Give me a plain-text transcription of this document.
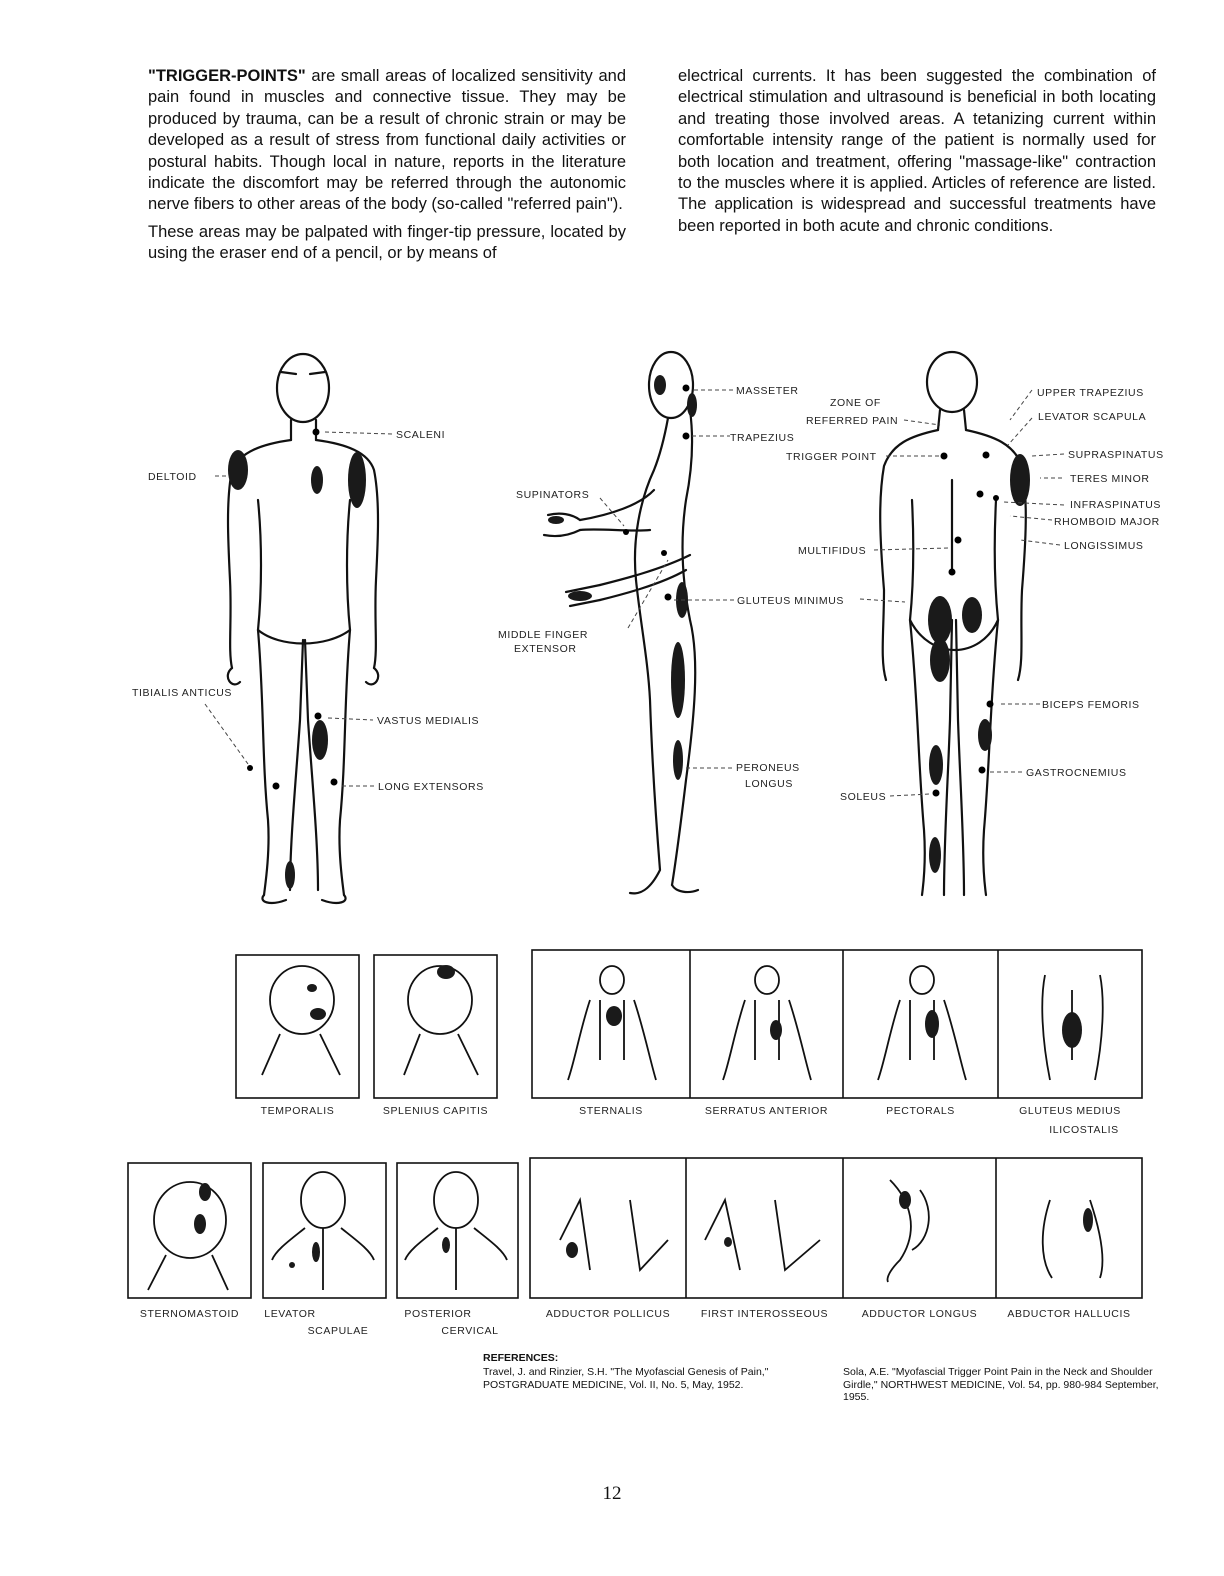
"TRIGGER-POINTS" are small areas of localized sensitivity and pain found in muscles and connective tissue. They may be produced by trauma, can be a result of chronic strain or may be developed as a result of stress from functional daily activities or postural habits. Though local in nature, reports in the literature indicate the discomfort may be referred through the autonomic nerve fibers to other areas of the body (so-called "referred pain").

These areas may be palpated with finger-tip pressure, located by using the eraser end of a pencil, or by means of

electrical currents. It has been suggested the combination of electrical stimulation and ultrasound is beneficial in both locating and treating those involved areas. A tetanizing current within comfortable intensity range of the patient is normally used for both location and treatment, offering "massage-like" contraction to the muscles where it is applied. Articles of reference are listed. The application is widespread and successful treatments have been reported in both acute and chronic conditions.

SCALENI
DELTOID
TIBIALIS ANTICUS
VASTUS MEDIALIS
LONG EXTENSORS
MASSETER
TRAPEZIUS
SUPINATORS
MIDDLE FINGER
EXTENSOR
PERONEUS
LONGUS
ZONE OF
REFERRED PAIN
TRIGGER POINT
MULTIFIDUS
GLUTEUS MINIMUS
SOLEUS
UPPER TRAPEZIUS
LEVATOR SCAPULA
SUPRASPINATUS
TERES MINOR
INFRASPINATUS
RHOMBOID MAJOR
LONGISSIMUS
BICEPS FEMORIS
GASTROCNEMIUS
TEMPORALIS	SPLENIUS CAPITIS	STERNALIS	SERRATUS ANTERIOR	PECTORALS	GLUTEUS MEDIUS
ILICOSTALIS
STERNOMASTOID	LEVATOR
SCAPULAE
POSTERIOR
CERVICAL
ADDUCTOR POLLICUS	FIRST INTEROSSEOUS	ADDUCTOR LONGUS	ABDUCTOR HALLUCIS
REFERENCES:
Travel, J. and Rinzier, S.H. "The Myofascial Genesis of Pain," POSTGRADUATE MEDICINE, Vol. II, No. 5, May, 1952.
Sola, A.E. "Myofascial Trigger Point Pain in the Neck and Shoulder Girdle," NORTHWEST MEDICINE, Vol. 54, pp. 980-984 September, 1955.
12
